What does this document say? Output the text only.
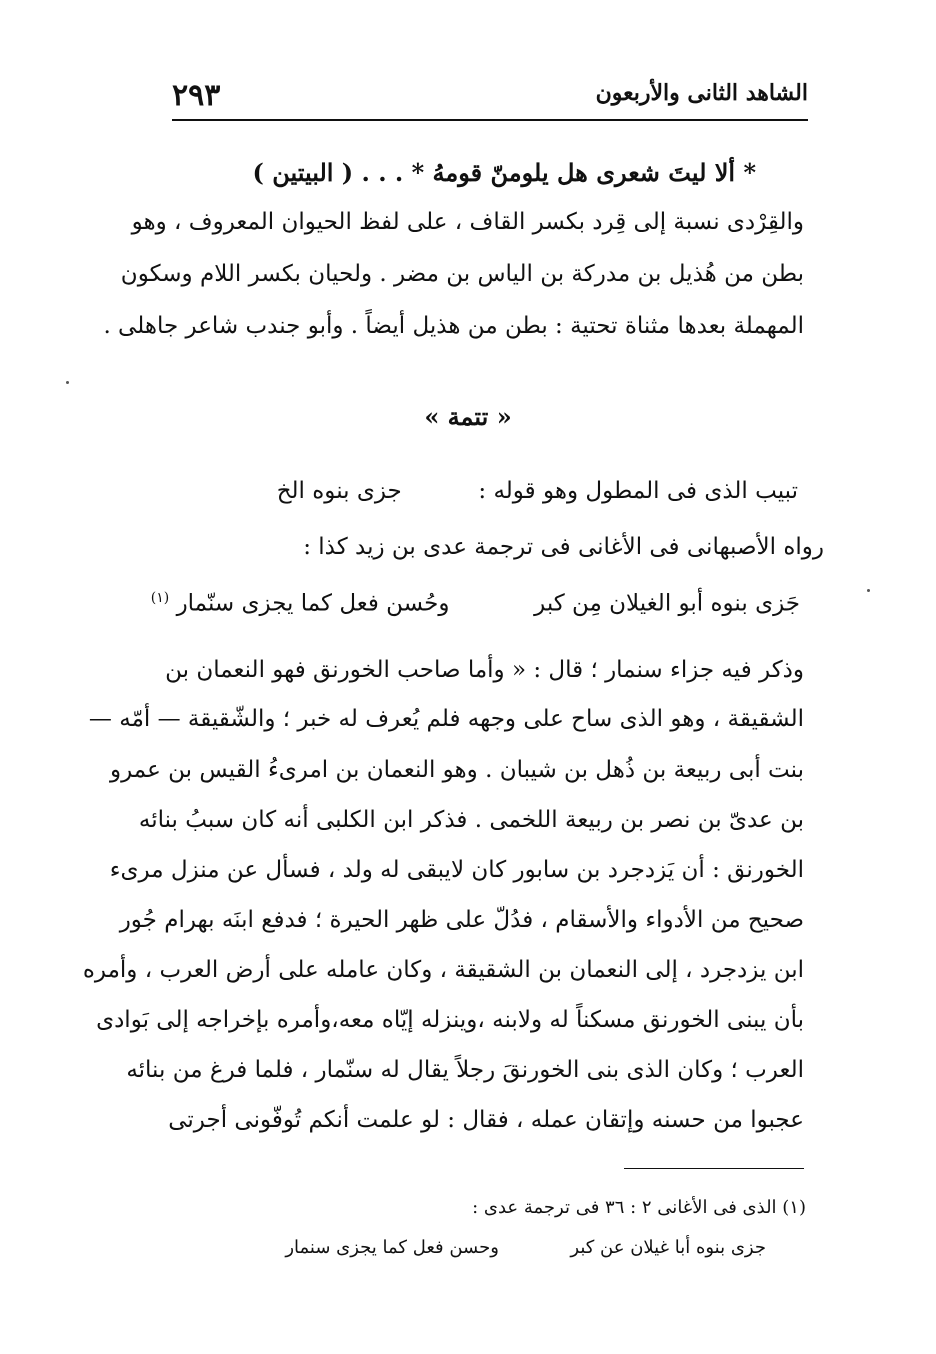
الشاهد الثانى والأربعون
٢٩٣
* ألا ليتَ شعرى هل يلومنّ قومهُ * . . . ( البيتين )
والقِرْدى نسبة إلى قِرد بكسر القاف ، على لفظ الحيوان المعروف ، وهو
بطن من هُذيل بن مدركة بن الياس بن مضر . ولحيان بكسر اللام وسكون
المهملة بعدها مثناة تحتية : بطن من هذيل أيضاً . وأبو جندب شاعر جاهلى .
« تتمة »
تبيب الذى فى المطول وهو قوله :  جزى بنوه الخ
رواه الأصبهانى فى الأغانى فى ترجمة عدى بن زيد كذا :
جَزى بنوه أبو الغيلان مِن كبر  وحُسن فعل كما يجزى سنّمار $^{(١)}$
وذكر فيه جزاء سنمار ؛ قال : « وأما صاحب الخورنق فهو النعمان بن
الشقيقة ، وهو الذى ساح على وجهه فلم يُعرف له خبر ؛ والشّقيقة — أمّه —
بنت أبى ربيعة بن ذُهل بن شيبان . وهو النعمان بن امرىءُ القيس بن عمرو
بن عدىّ بن نصر بن ربيعة اللخمى . فذكر ابن الكلبى أنه كان سببُ بنائه
الخورنق : أن يَزدجرد بن سابور كان لايبقى له ولد ، فسأل عن منزل مرىء
صحيح من الأدواء والأسقام ، فدُلّ على ظهر الحيرة ؛ فدفع ابنَه بهرام جُور
ابن يزدجرد ، إلى النعمان بن الشقيقة ، وكان عامله على أرض العرب ، وأمره
بأن يبنى الخورنق مسكناً له ولابنه ،وينزله إيّاه معه،وأمره بإخراجه إلى بَوادى
العرب ؛ وكان الذى بنى الخورنقَ رجلاً يقال له سنّمار ، فلما فرغ من بنائه
عجبوا من حسنه وإتقان عمله ، فقال : لو علمت أنكم تُوفّونى أجرتى
(١) الذى فى الأغانى ٢ : ٣٦ فى ترجمة عدى :
جزى بنوه أبا غيلان عن كبر  وحسن فعل كما يجزى سنمار
